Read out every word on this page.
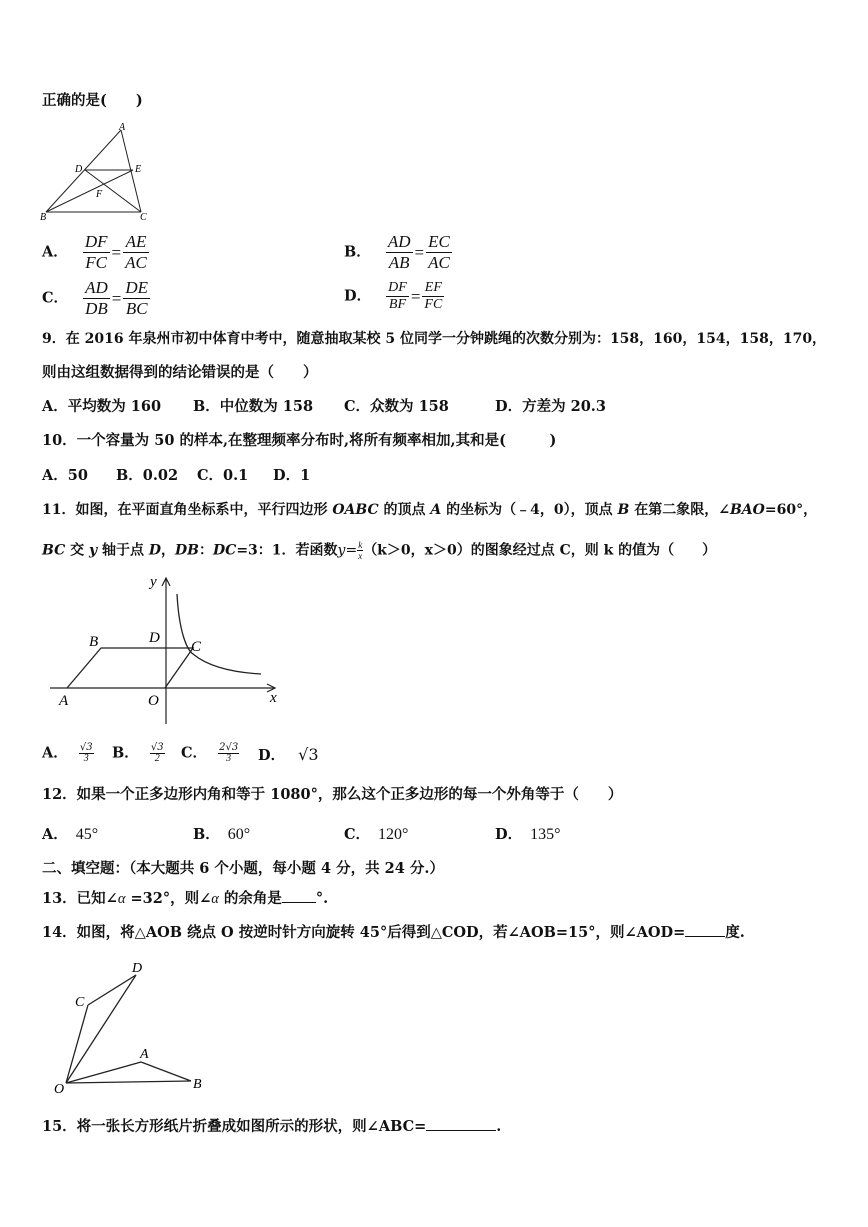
正确的是(　　)
A
D	E
F
B	C
A． $\frac{DF}{FC} = \frac{AE}{AC}$	B． $\frac{AD}{AB} = \frac{EC}{AC}$
C． $\frac{AD}{DB} = \frac{DE}{BC}$	D． $\frac{DF}{BF} = \frac{EF}{FC}$
9．在 2016 年泉州市初中体育中考中，随意抽取某校 5 位同学一分钟跳绳的次数分别为：158，160，154，158，170，
则由这组数据得到的结论错误的是（　　）
A．平均数为 160 B．中位数为 158 C．众数为 158	D．方差为 20.3
10．一个容量为 50 的样本,在整理频率分布时,将所有频率相加,其和是(　　　)
A．50 B．0.02 C．0.1 D．1
11．如图，在平面直角坐标系中，平行四边形 OABC 的顶点 A 的坐标为（﹣4，0），顶点 B 在第二象限，∠BAO=60°，
BC 交 y 轴于点 D，DB：DC=3：1．若函数$y= \frac{k}{x} (k>0$，x＞0）的图象经过点 C，则 k 的值为（　　）
y
x
B	D
C
A	O
A． $\frac{√3}{3}$ B． $\frac{√3}{2}$ C． $\frac{2√3}{3}$ D． √3
12．如果一个正多边形内角和等于 1080°，那么这个正多边形的每一个外角等于（　　）
A． 45°	B． 60°	C． 120°	D． 135°
二、填空题：（本大题共 6 个小题，每小题 4 分，共 24 分.）
13．已知∠α =32°，则∠α 的余角是 °.
14．如图，将△AOB 绕点 O 按逆时针方向旋转 45°后得到△COD，若∠AOB=15°，则∠AOD=	度.
D
C
A
O	B
15．将一张长方形纸片折叠成如图所示的形状，则∠ABC=	.
